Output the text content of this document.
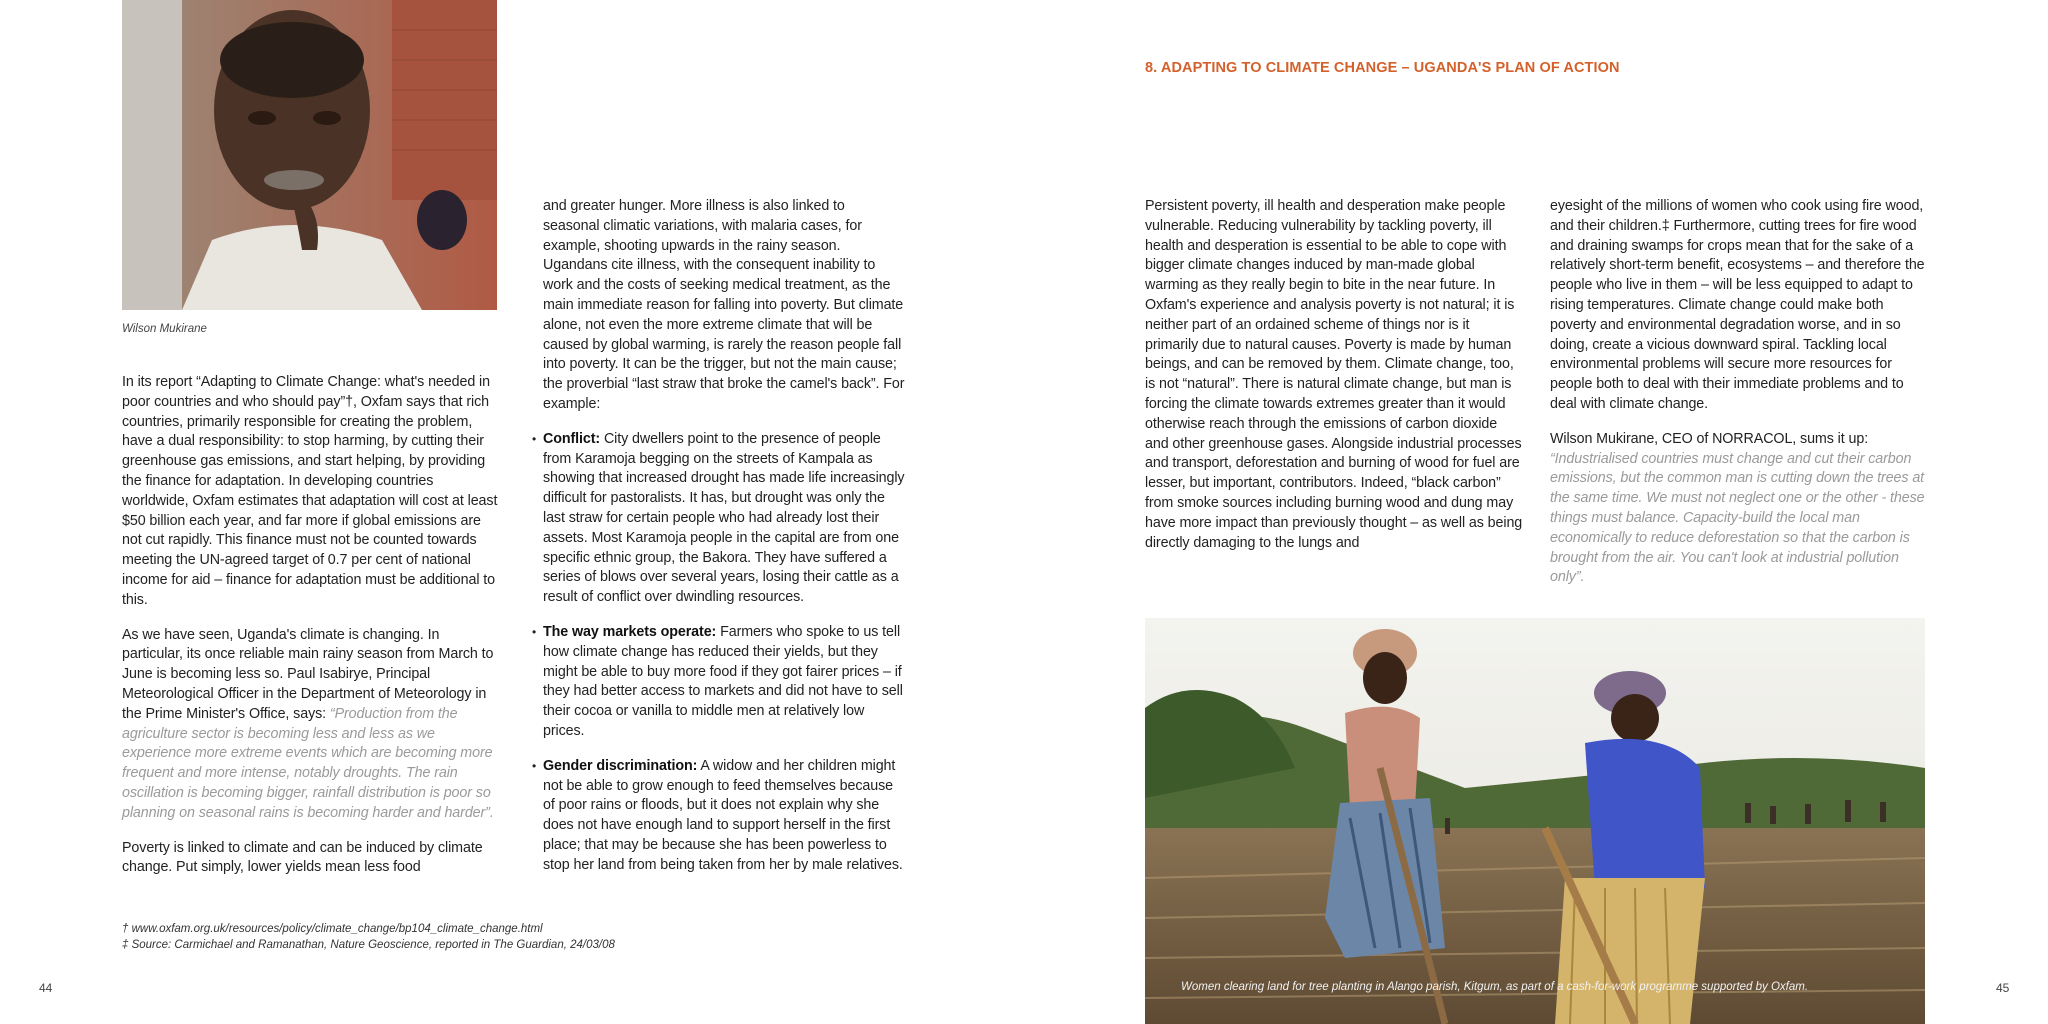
Wilson Mukirane

In its report “Adapting to Climate Change: what's needed in poor countries and who should pay”†, Oxfam says that rich countries, primarily responsible for creating the problem, have a dual responsibility: to stop harming, by cutting their greenhouse gas emissions, and start helping, by providing the finance for adaptation. In developing countries worldwide, Oxfam estimates that adaptation will cost at least $50 billion each year, and far more if global emissions are not cut rapidly. This finance must not be counted towards meeting the UN-agreed target of 0.7 per cent of national income for aid – finance for adaptation must be additional to this.

As we have seen, Uganda's climate is changing. In particular, its once reliable main rainy season from March to June is becoming less so. Paul Isabirye, Principal Meteorological Officer in the Department of Meteorology in the Prime Minister's Office, says: “Production from the agriculture sector is becoming less and less as we experience more extreme events which are becoming more frequent and more intense, notably droughts. The rain oscillation is becoming bigger, rainfall distribution is poor so planning on seasonal rains is becoming harder and harder”.

Poverty is linked to climate and can be induced by climate change. Put simply, lower yields mean less food

and greater hunger. More illness is also linked to seasonal climatic variations, with malaria cases, for example, shooting upwards in the rainy season. Ugandans cite illness, with the consequent inability to work and the costs of seeking medical treatment, as the main immediate reason for falling into poverty. But climate alone, not even the more extreme climate that will be caused by global warming, is rarely the reason people fall into poverty. It can be the trigger, but not the main cause; the proverbial “last straw that broke the camel's back”. For example:

• Conflict: City dwellers point to the presence of people from Karamoja begging on the streets of Kampala as showing that increased drought has made life increasingly difficult for pastoralists. It has, but drought was only the last straw for certain people who had already lost their assets. Most Karamoja people in the capital are from one specific ethnic group, the Bakora. They have suffered a series of blows over several years, losing their cattle as a result of conflict over dwindling resources.

• The way markets operate: Farmers who spoke to us tell how climate change has reduced their yields, but they might be able to buy more food if they got fairer prices – if they had better access to markets and did not have to sell their cocoa or vanilla to middle men at relatively low prices.

• Gender discrimination: A widow and her children might not be able to grow enough to feed themselves because of poor rains or floods, but it does not explain why she does not have enough land to support herself in the first place; that may be because she has been powerless to stop her land from being taken from her by male relatives.

† www.oxfam.org.uk/resources/policy/climate_change/bp104_climate_change.html
‡ Source: Carmichael and Ramanathan, Nature Geoscience, reported in The Guardian, 24/03/08
44
8. ADAPTING TO CLIMATE CHANGE – UGANDA'S PLAN OF ACTION

Persistent poverty, ill health and desperation make people vulnerable. Reducing vulnerability by tackling poverty, ill health and desperation is essential to be able to cope with bigger climate changes induced by man-made global warming as they really begin to bite in the near future. In Oxfam's experience and analysis poverty is not natural; it is neither part of an ordained scheme of things nor is it primarily due to natural causes. Poverty is made by human beings, and can be removed by them. Climate change, too, is not “natural”. There is natural climate change, but man is forcing the climate towards extremes greater than it would otherwise reach through the emissions of carbon dioxide and other greenhouse gases. Alongside industrial processes and transport, deforestation and burning of wood for fuel are lesser, but important, contributors. Indeed, “black carbon” from smoke sources including burning wood and dung may have more impact than previously thought – as well as being directly damaging to the lungs and

eyesight of the millions of women who cook using fire wood, and their children.‡ Furthermore, cutting trees for fire wood and draining swamps for crops mean that for the sake of a relatively short-term benefit, ecosystems – and therefore the people who live in them – will be less equipped to adapt to rising temperatures. Climate change could make both poverty and environmental degradation worse, and in so doing, create a vicious downward spiral. Tackling local environmental problems will secure more resources for people both to deal with their immediate problems and to deal with climate change.

Wilson Mukirane, CEO of NORRACOL, sums it up:
“Industrialised countries must change and cut their carbon emissions, but the common man is cutting down the trees at the same time. We must not neglect one or the other - these things must balance. Capacity-build the local man economically to reduce deforestation so that the carbon is brought from the air. You can't look at industrial pollution only”.

Women clearing land for tree planting in Alango parish, Kitgum, as part of a cash-for-work programme supported by Oxfam.	45
